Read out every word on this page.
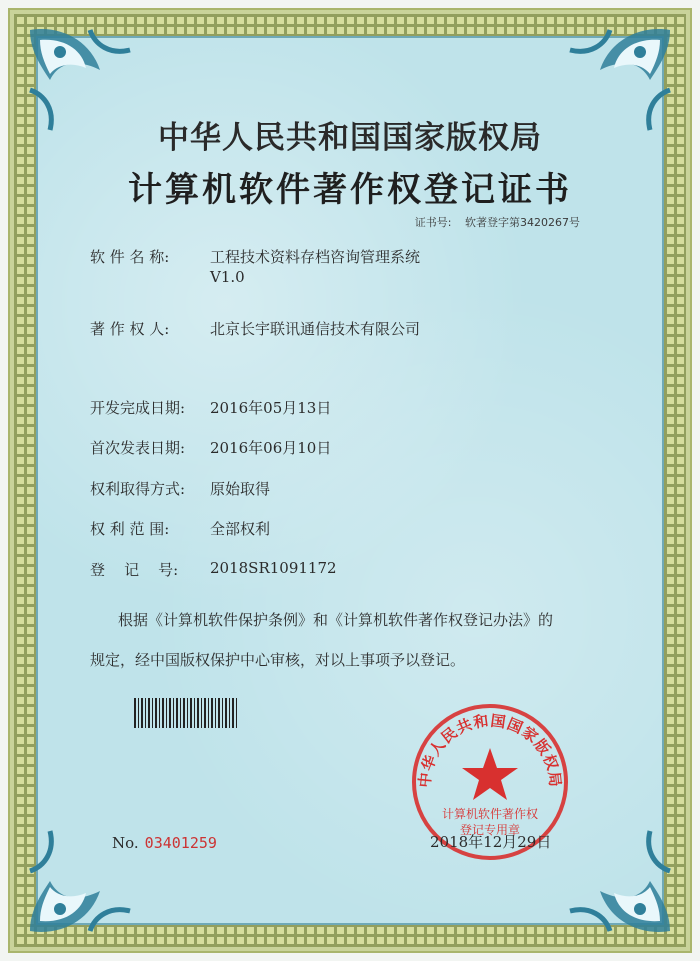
中华人民共和国国家版权局
计算机软件著作权登记证书
证书号: 软著登字第3420267号
软 件 名 称:	工程技术资料存档咨询管理系统
V1.0
著 作 权 人:	北京长宇联讯通信技术有限公司
开发完成日期:	2016年05月13日
首次发表日期:	2016年06月10日
权利取得方式:	原始取得
权 利 范 围:	全部权利
登    记    号:	2018SR1091172
根据《计算机软件保护条例》和《计算机软件著作权登记办法》的
规定，经中国版权保护中心审核，对以上事项予以登记。
中华人民共和国国家版权局
计算机软件著作权
登记专用章
No. 03401259	2018年12月29日
